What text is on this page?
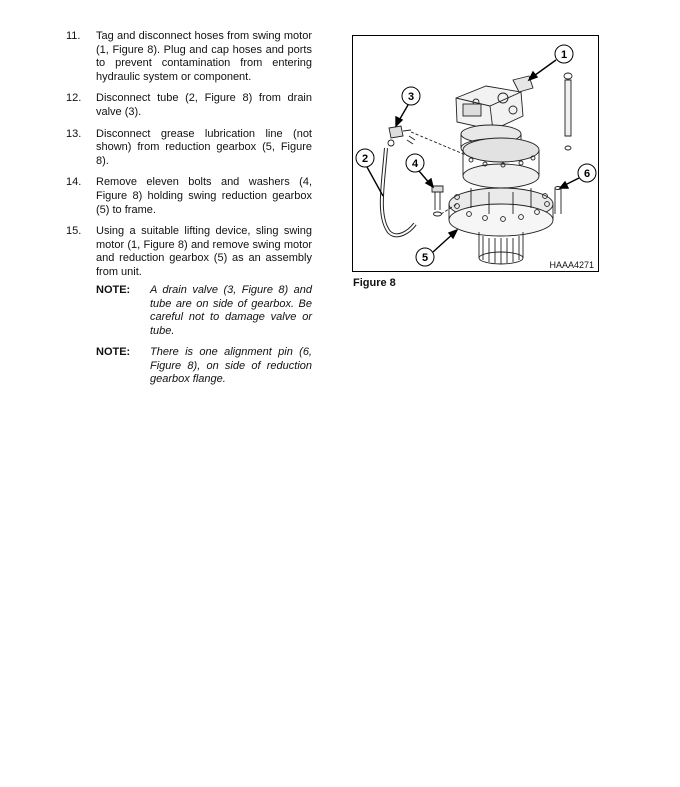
11.	Tag and disconnect hoses from swing motor (1, Figure 8). Plug and cap hoses and ports to prevent contamination from entering hydraulic system or component.
12.	Disconnect tube (2, Figure 8) from drain valve (3).
13.	Disconnect grease lubrication line (not shown) from reduction gearbox (5, Figure 8).
14.	Remove eleven bolts and washers (4, Figure 8) holding swing reduction gearbox (5) to frame.
15.	Using a suitable lifting device, sling swing motor (1, Figure 8) and remove swing motor and reduction gearbox (5) as an assembly from unit.
NOTE:	A drain valve (3, Figure 8) and tube are on side of gearbox. Be careful not to damage valve or tube.
NOTE:	There is one alignment pin (6, Figure 8), on side of reduction gearbox flange.
1
2
3
4
5
6
HAAA4271
Figure 8
